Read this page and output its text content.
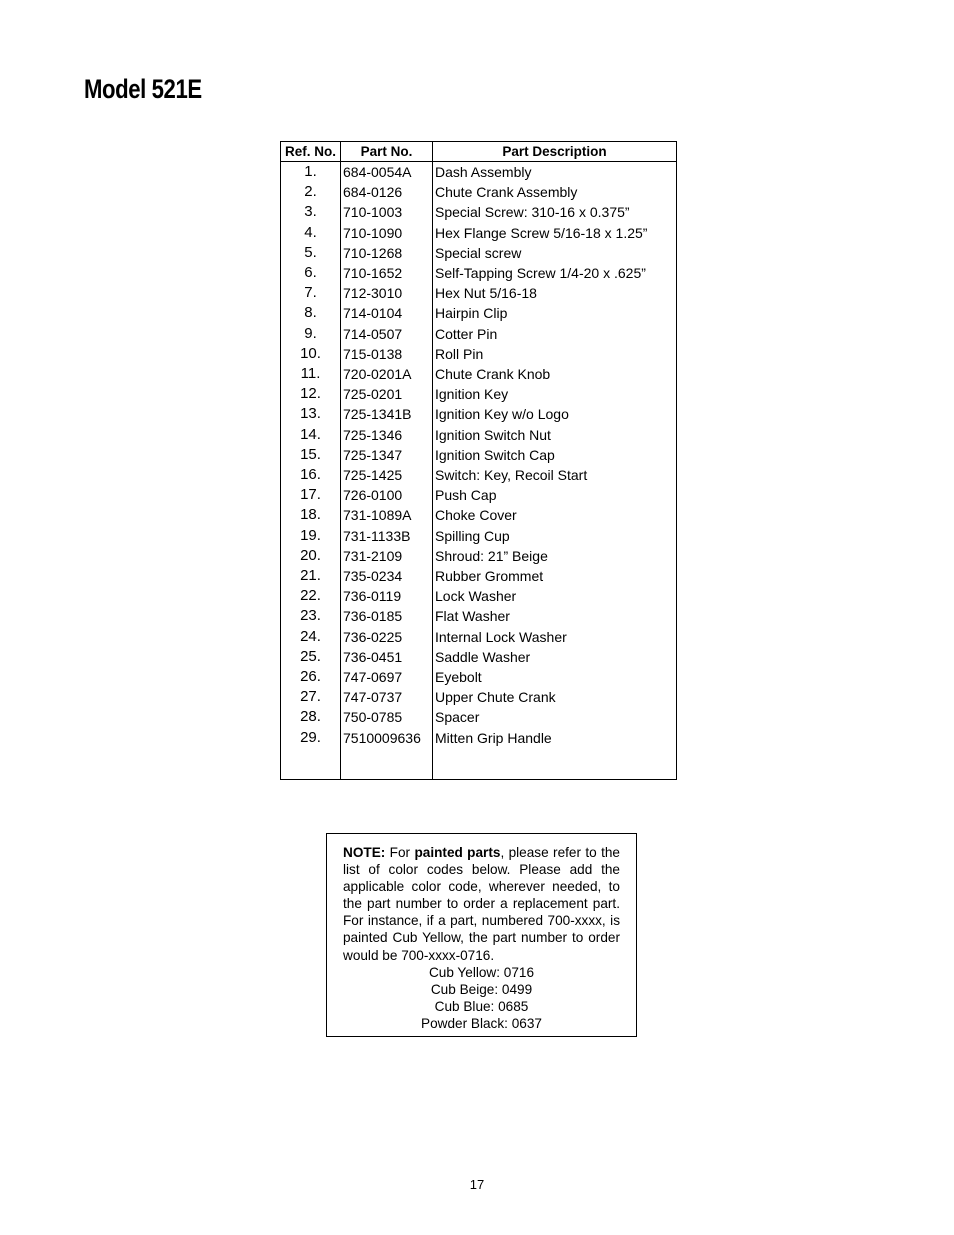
Model 521E
Ref. No.	Part No.	Part Description
1.	684-0054A	Dash Assembly
2.	684-0126	Chute Crank Assembly
3.	710-1003	Special Screw: 310-16 x 0.375”
4.	710-1090	Hex Flange Screw 5/16-18 x 1.25”
5.	710-1268	Special screw
6.	710-1652	Self-Tapping Screw 1/4-20 x .625”
7.	712-3010	Hex Nut 5/16-18
8.	714-0104	Hairpin Clip
9.	714-0507	Cotter Pin
10.	715-0138	Roll Pin
11.	720-0201A	Chute Crank Knob
12.	725-0201	Ignition Key
13.	725-1341B	Ignition Key w/o Logo
14.	725-1346	Ignition Switch Nut
15.	725-1347	Ignition Switch Cap
16.	725-1425	Switch: Key, Recoil Start
17.	726-0100	Push Cap
18.	731-1089A	Choke Cover
19.	731-1133B	Spilling Cup
20.	731-2109	Shroud: 21” Beige
21.	735-0234	Rubber Grommet
22.	736-0119	Lock Washer
23.	736-0185	Flat Washer
24.	736-0225	Internal Lock Washer
25.	736-0451	Saddle Washer
26.	747-0697	Eyebolt
27.	747-0737	Upper Chute Crank
28.	750-0785	Spacer
29.	7510009636	Mitten Grip Handle

NOTE: For painted parts, please refer to the list of color codes below. Please add the applicable color code, wherever needed, to the part number to order a replacement part. For instance, if a part, numbered 700-xxxx, is painted Cub Yellow, the part number to order would be 700-xxxx-0716.

Cub Yellow: 0716
Cub Beige: 0499
Cub Blue: 0685
Powder Black: 0637
17
